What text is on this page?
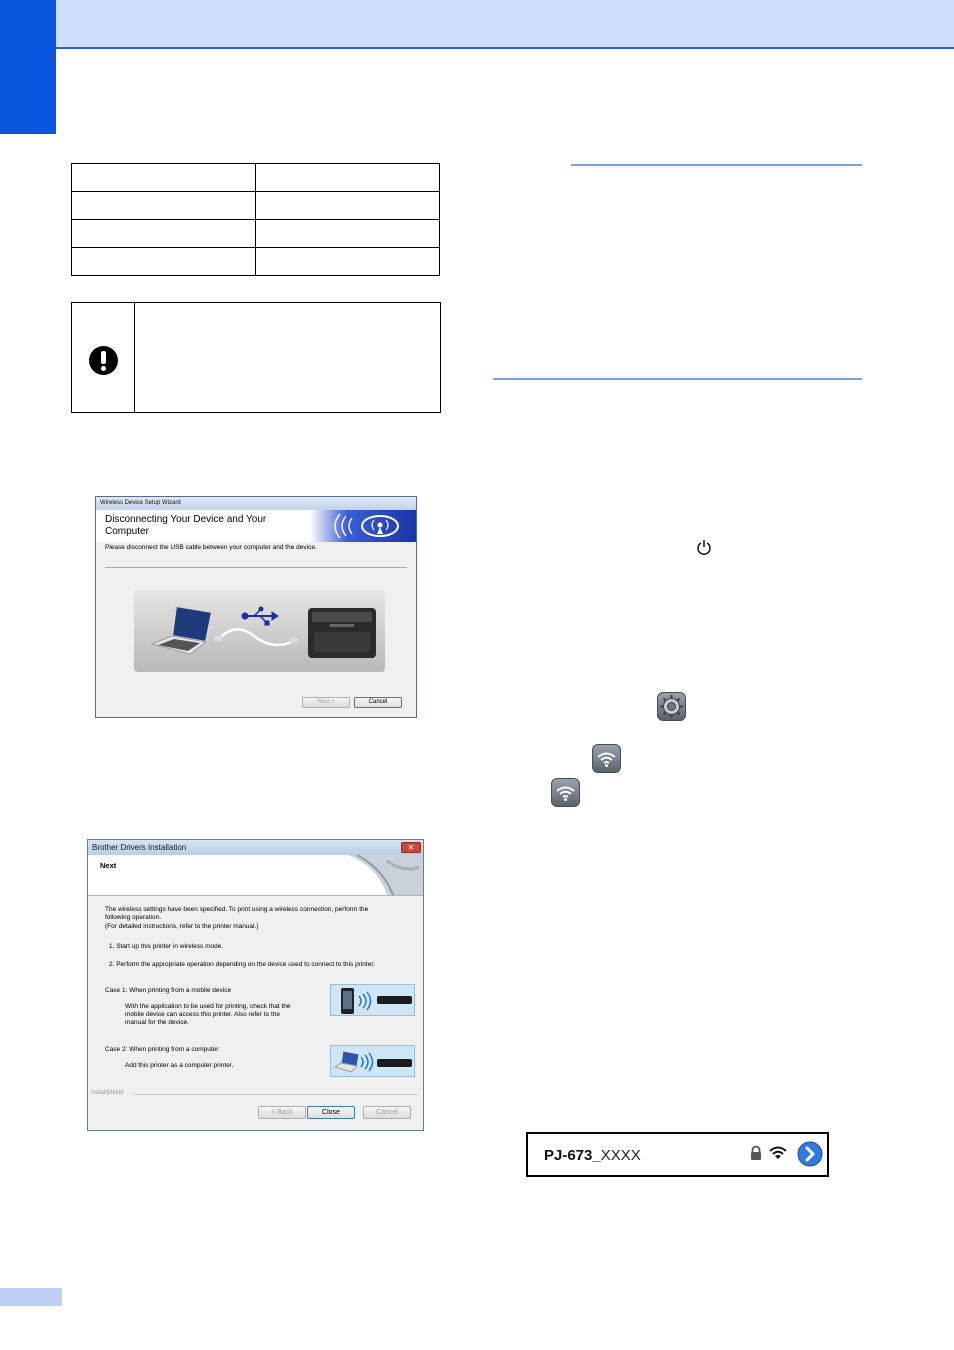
Wireless Device Setup Wizard
Disconnecting Your Device and Your Computer
Please disconnect the USB cable between your computer and the device.
Next >	Cancel
Brother Drivers Installation	✕
Next
The wireless settings have been specified. To print using a wireless connection, perform the
following operation.
(For detailed instructions, refer to the printer manual.)
1. Start up this printer in wireless mode.
2. Perform the appropriate operation depending on the device used to connect to this printer.
Case 1: When printing from a mobile device
With the application to be used for printing, check that the
mobile device can access this printer. Also refer to the
manual for the device.
Case 2: When printing from a computer
Add this printer as a computer printer.
InstallShield
< Back	Close	Cancel
PJ-673_XXXX
